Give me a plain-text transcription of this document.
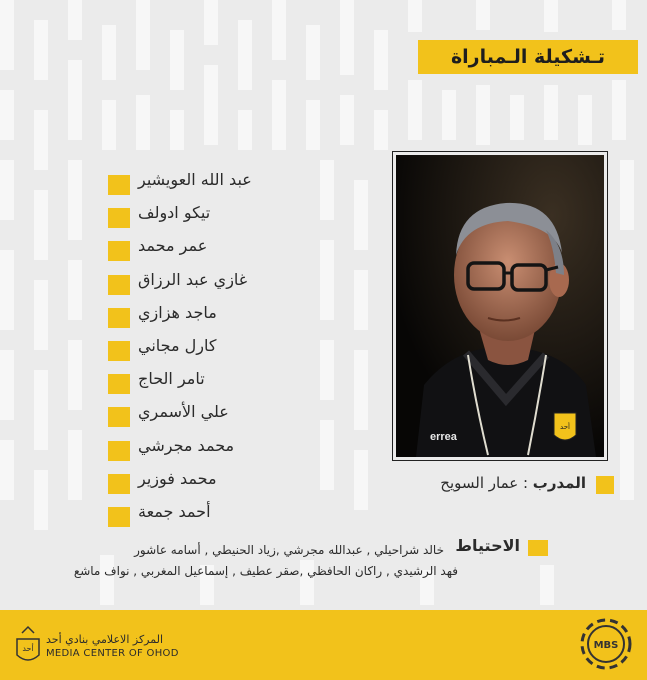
تـشكيلة الـمباراة
errea
أحد
عبد الله العويشير
تيكو ادولف
عمر محمد
غازي عبد الرزاق
ماجد هزازي
كارل مجاني
تامر الحاج
علي الأسمري
محمد مجرشي
محمد فوزير
أحمد جمعة
المدرب : عمار السويح
الاحتياط
خالد شراحيلي , عبدالله مجرشي ,زياد الحنيطي , أسامه عاشور
فهد الرشيدي , راكان الحافظي ,صقر عطيف , إسماعيل المغربي , نواف ماشع
أحد
المركز الاعلامي بنادي أحد
MEDIA CENTER OF OHOD
MBS
